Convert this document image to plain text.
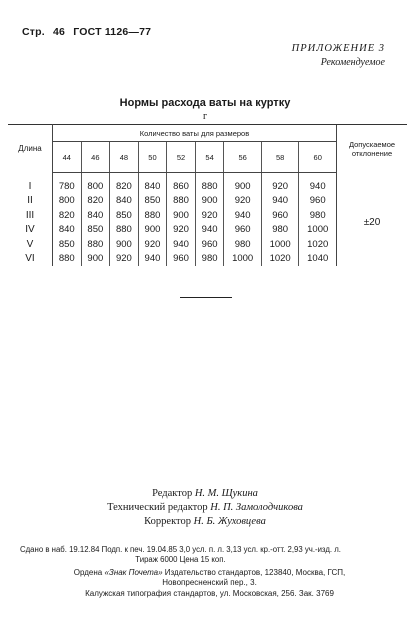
Стр. 46 ГОСТ 1126—77
ПРИЛОЖЕНИЕ 3
Рекомендуемое
Нормы расхода ваты на куртку
г
Длина	Количество ваты для размеров									Допускаемое отклонение
	44	46	48	50	52	54	56	58	60	
I	780	800	820	840	860	880	900	920	940	±20
II	800	820	840	850	880	900	920	940	960	
III	820	840	850	880	900	920	940	960	980	
IV	840	850	880	900	920	940	960	980	1000	
V	850	880	900	920	940	960	980	1000	1020	
VI	880	900	920	940	960	980	1000	1020	1040	
Редактор Н. М. Щукина
Технический редактор Н. П. Замолодчикова
Корректор Н. Б. Жуховцева
Сдано в наб. 19.12.84 Подп. к печ. 19.04.85 3,0 усл. п. л. 3,13 усл. кр.-отт. 2,93 уч.-изд. л.
Тираж 6000 Цена 15 коп.
Ордена «Знак Почета» Издательство стандартов, 123840, Москва, ГСП,
Новопресненский пер., 3.
Калужская типография стандартов, ул. Московская, 256. Зак. 3769
